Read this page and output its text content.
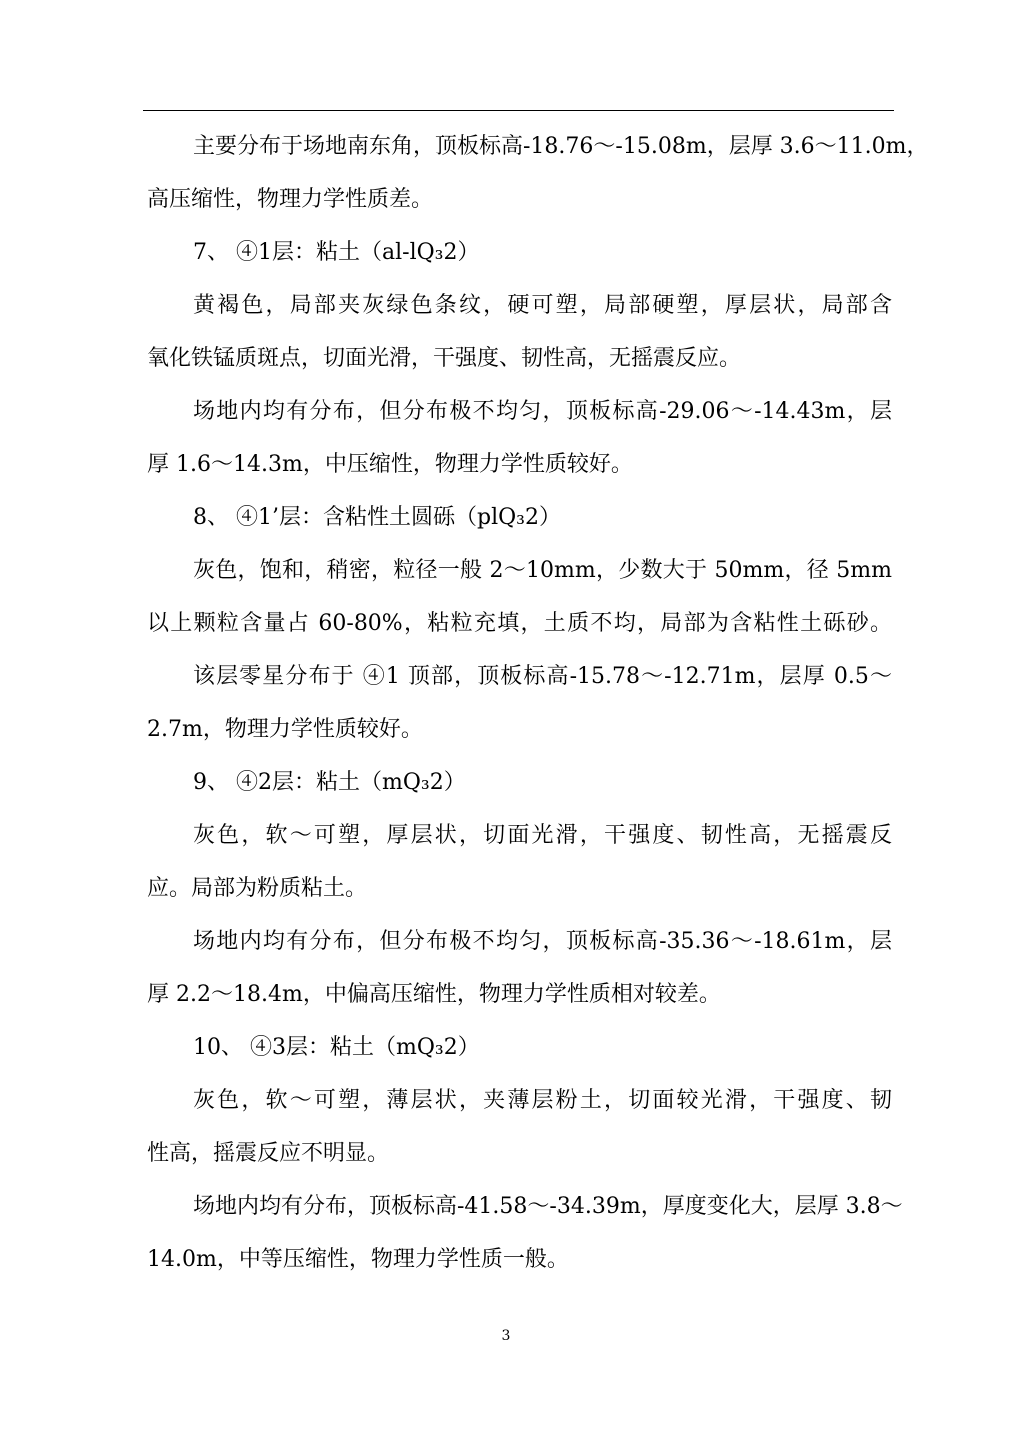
主要分布于场地南东角，顶板标高-18.76～-15.08m，层厚 3.6～11.0m，
高压缩性，物理力学性质差。
7、 ④1层：粘土（al-lQ₃2）
黄褐色，局部夹灰绿色条纹，硬可塑，局部硬塑，厚层状，局部含
氧化铁锰质斑点，切面光滑，干强度、韧性高，无摇震反应。
场地内均有分布，但分布极不均匀，顶板标高-29.06～-14.43m，层
厚 1.6～14.3m，中压缩性，物理力学性质较好。
8、 ④1’层：含粘性土圆砾（plQ₃2）
灰色，饱和，稍密，粒径一般 2～10mm，少数大于 50mm，径 5mm
以上颗粒含量占 60-80%，粘粒充填，土质不均，局部为含粘性土砾砂。
该层零星分布于 ④1 顶部，顶板标高-15.78～-12.71m，层厚 0.5～
2.7m，物理力学性质较好。
9、 ④2层：粘土（mQ₃2）
灰色，软～可塑，厚层状，切面光滑，干强度、韧性高，无摇震反
应。局部为粉质粘土。
场地内均有分布，但分布极不均匀，顶板标高-35.36～-18.61m，层
厚 2.2～18.4m，中偏高压缩性，物理力学性质相对较差。
10、 ④3层：粘土（mQ₃2）
灰色，软～可塑，薄层状，夹薄层粉土，切面较光滑，干强度、韧
性高，摇震反应不明显。
场地内均有分布，顶板标高-41.58～-34.39m，厚度变化大，层厚 3.8～
14.0m，中等压缩性，物理力学性质一般。
3
